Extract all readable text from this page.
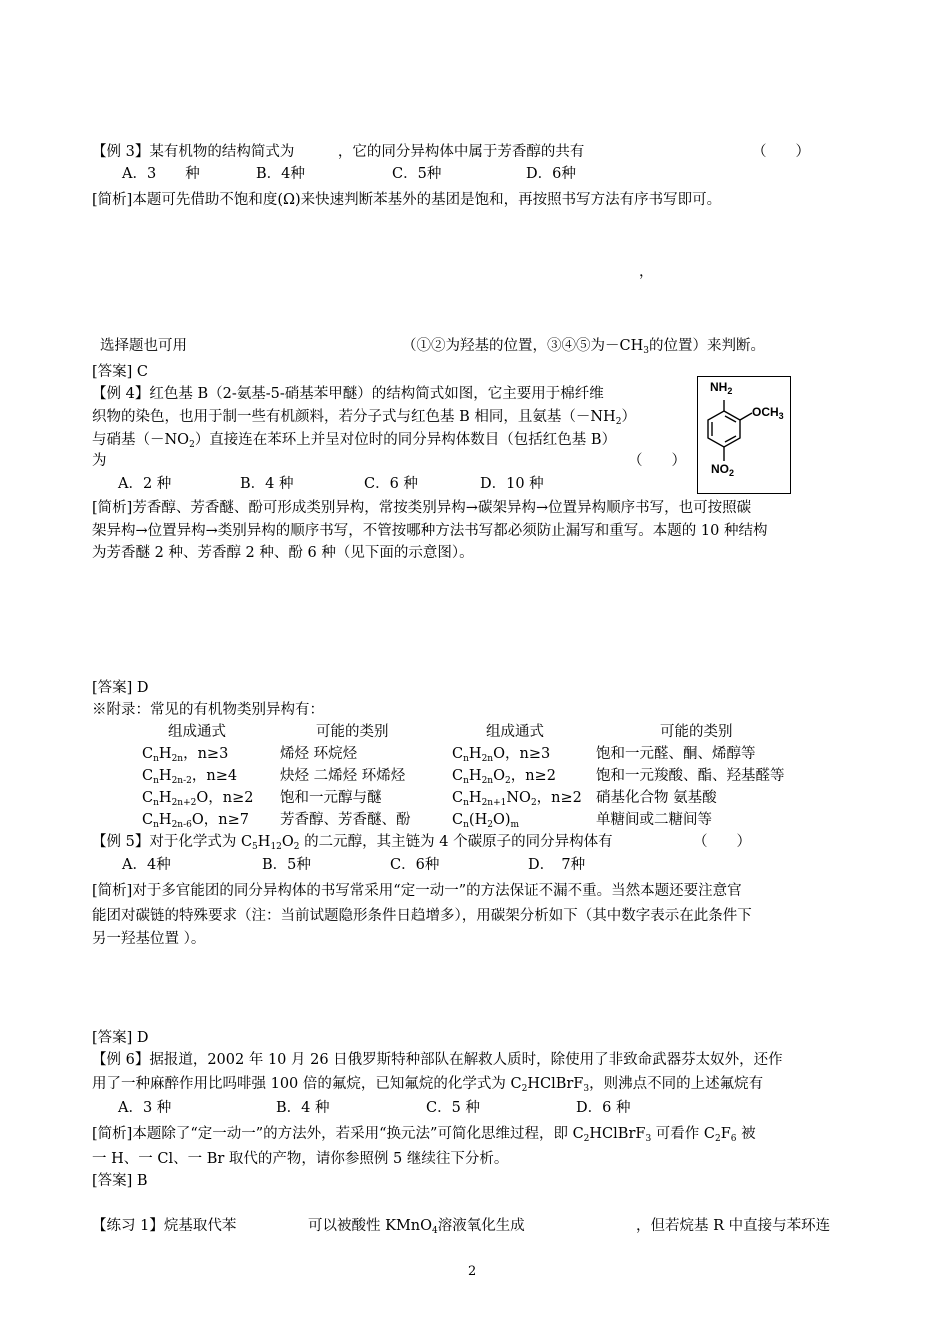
【例 3】某有机物的结构简式为　　　，它的同分异构体中属于芳香醇的共有	（　　）
A．3　　种	B．4种	C．5种	D．6种
[简析]本题可先借助不饱和度(Ω)来快速判断苯基外的基团是饱和，再按照书写方法有序书写即可。
，
选择题也可用	（①②为羟基的位置，③④⑤为$-CH_3$的位置）来判断。
[答案] C
【例 4】红色基 B（2-氨基-5-硝基苯甲醚）的结构简式如图，它主要用于棉纤维
织物的染色，也用于制一些有机颜料，若分子式与红色基 B 相同，且氨基$(-NH_2)$
与硝基$(-NO_2)$直接连在苯环上并呈对位时的同分异构体数目（包括红色基 B）
为	（　　）
A．2 种	B．4 种	C．6 种	D．10 种
[简析]芳香醇、芳香醚、酚可形成类别异构，常按类别异构→碳架异构→位置异构顺序书写，也可按照碳
架异构→位置异构→类别异构的顺序书写，不管按哪种方法书写都必须防止漏写和重写。本题的 10 种结构
为芳香醚 2 种、芳香醇 2 种、酚 6 种（见下面的示意图）。
$NH_2$
$OCH_3$
$NO_2$
[答案] D
※附录：常见的有机物类别异构有：
组成通式	可能的类别	组成通式	可能的类别
$C_nH_{2n}$，n≥3	烯烃 环烷烃	$C_nH_{2n}O$，n≥3	饱和一元醛、酮、烯醇等
$C_nH_{2n-2}$，n≥4	炔烃 二烯烃 环烯烃	$C_nH_{2n}O_2$，n≥2	饱和一元羧酸、酯、羟基醛等
$C_nH_{2n+2}O$，n≥2 饱和一元醇与醚	$C_nH_{2n+1}NO_2$，n≥2 硝基化合物 氨基酸
$C_nH_{2n-6}O$，n≥7 芳香醇、芳香醚、酚	$C_n(H_2O)_m$	单糖间或二糖间等
【例 5】对于化学式为 $C_5H_{12}O_2$ 的二元醇，其主链为 4 个碳原子的同分异构体有	（　　）
A．4种	B．5种	C．6种	D．　7种
[简析]对于多官能团的同分异构体的书写常采用“定一动一”的方法保证不漏不重。当然本题还要注意官
能团对碳链的特殊要求（注：当前试题隐形条件日趋增多），用碳架分析如下（其中数字表示在此条件下
另一羟基位置 ）。
[答案] D
【例 6】据报道，2002 年 10 月 26 日俄罗斯特种部队在解救人质时，除使用了非致命武器芬太奴外，还作
用了一种麻醉作用比吗啡强 100 倍的氟烷，已知氟烷的化学式为 $C_2HClBrF_3$，则沸点不同的上述氟烷有
A．3 种	B．4 种	C．5 种	D．6 种
[简析]本题除了“定一动一”的方法外，若采用“换元法”可简化思维过程，即 $C_2HClBrF_3$ 可看作 $C_2F_6$ 被
一 H、一 Cl、一 Br 取代的产物，请你参照例 5 继续往下分析。
[答案] B
【练习 1】烷基取代苯	可以被酸性 KMnO$_4$溶液氧化生成	，但若烷基 R 中直接与苯环连
2
